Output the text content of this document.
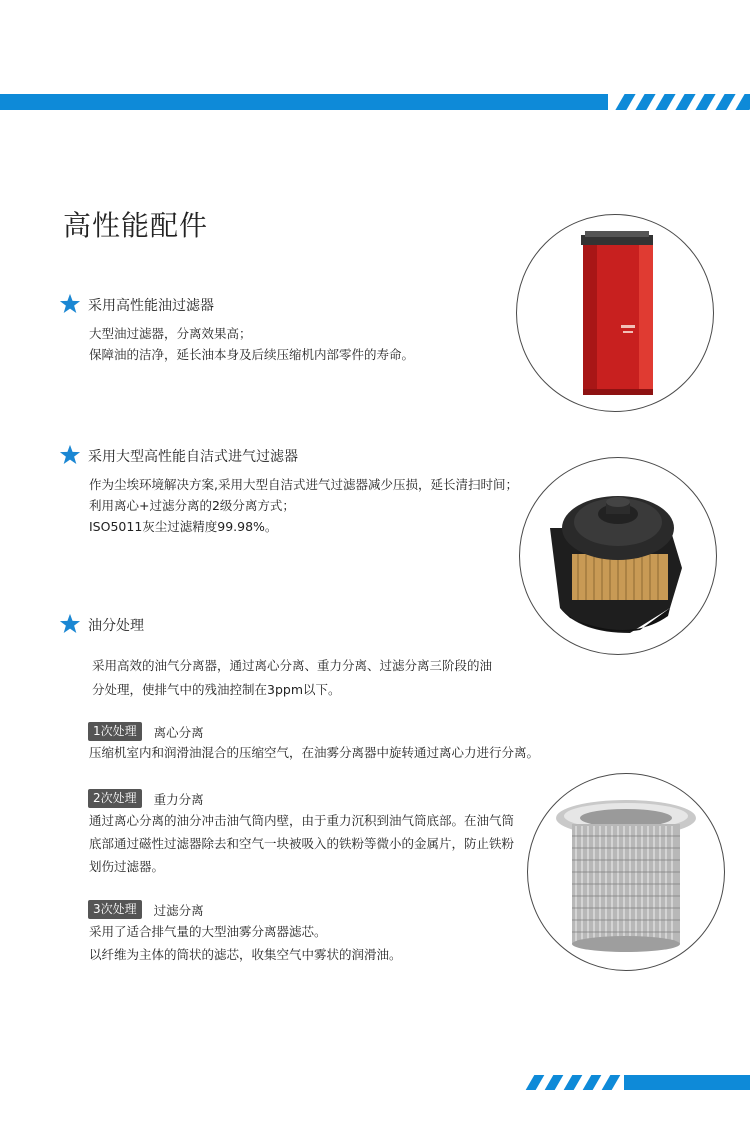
高性能配件
采用高性能油过滤器
大型油过滤器，分离效果高；
保障油的洁净，延长油本身及后续压缩机内部零件的寿命。
采用大型高性能自洁式进气过滤器
作为尘埃环境解决方案,采用大型自洁式进气过滤器减少压损，延长清扫时间；
利用离心+过滤分离的2级分离方式；
ISO5011灰尘过滤精度99.98%。
油分处理
采用高效的油气分离器，通过离心分离、重力分离、过滤分离三阶段的油
分处理，使排气中的残油控制在3ppm以下。
1次处理	离心分离
压缩机室内和润滑油混合的压缩空气，在油雾分离器中旋转通过离心力进行分离。
2次处理	重力分离
通过离心分离的油分冲击油气筒内壁，由于重力沉积到油气筒底部。在油气筒
底部通过磁性过滤器除去和空气一块被吸入的铁粉等微小的金属片，防止铁粉
划伤过滤器。
3次处理	过滤分离
采用了适合排气量的大型油雾分离器滤芯。
以纤维为主体的筒状的滤芯，收集空气中雾状的润滑油。
